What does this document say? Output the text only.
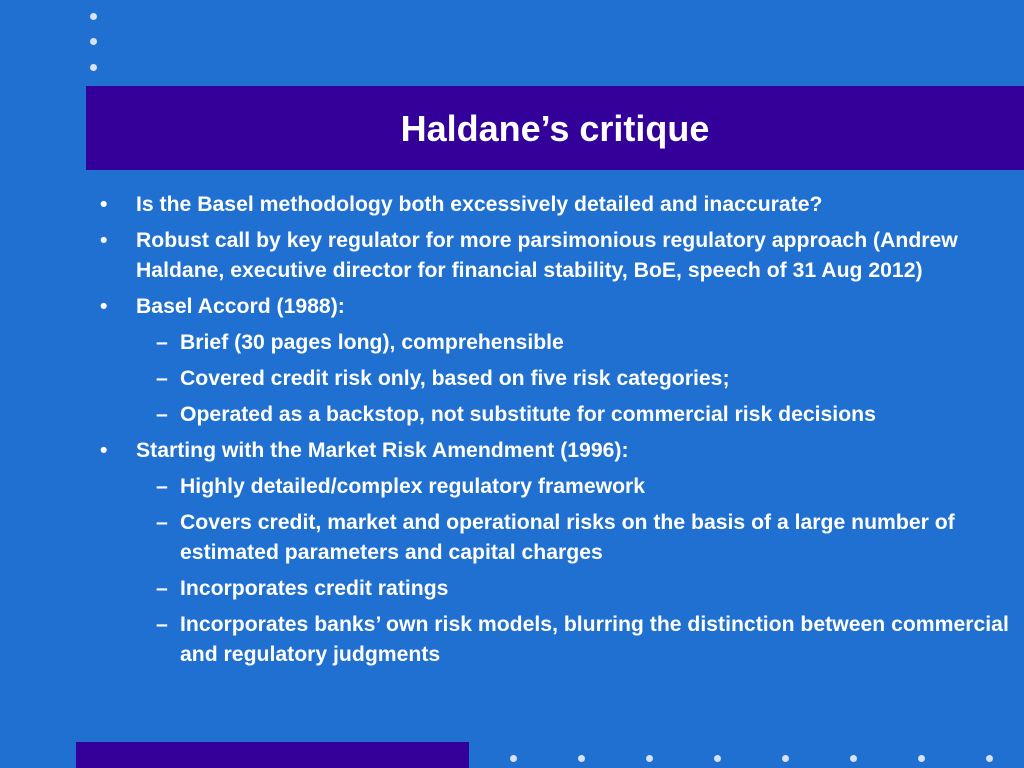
Haldane’s critique
• Is the Basel methodology both excessively detailed and inaccurate?
• Robust call by key regulator for more parsimonious regulatory approach (Andrew Haldane, executive director for financial stability, BoE, speech of 31 Aug 2012)
• Basel Accord (1988):
– Brief (30 pages long), comprehensible
– Covered credit risk only, based on five risk categories;
– Operated as a backstop, not substitute for commercial risk decisions
• Starting with the Market Risk Amendment (1996):
– Highly detailed/complex regulatory framework
– Covers credit, market and operational risks on the basis of a large number of estimated parameters and capital charges
– Incorporates credit ratings
– Incorporates banks’ own risk models, blurring the distinction between commercial and regulatory judgments
